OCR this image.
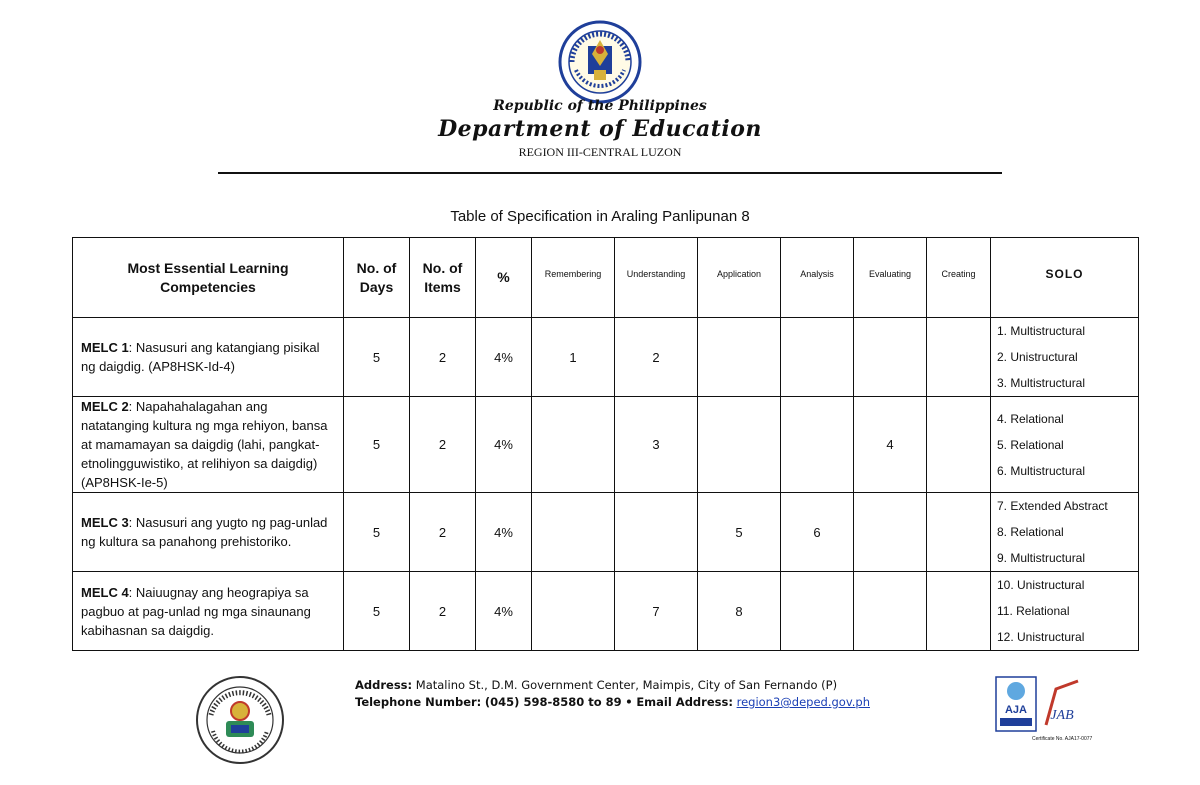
Republic of the Philippines
Department of Education
REGION III-CENTRAL LUZON
Table of Specification in Araling Panlipunan 8
Most Essential Learning Competencies	No. of Days	No. of Items	%	Remembering	Understanding	Application	Analysis	Evaluating	Creating	SOLO
MELC 1: Nasusuri ang katangiang pisikal ng daigdig. (AP8HSK-Id-4)	5	2	4%	1	2					1. Multistructural
2. Unistructural
3. Multistructural

MELC 2: Napahahalagahan ang natatanging kultura ng mga rehiyon, bansa at mamamayan sa daigdig (lahi, pangkat- etnolingguwistiko, at relihiyon sa daigdig) (AP8HSK-Ie-5)	5	2	4%		3			4		4. Relational
5. Relational
6. Multistructural

MELC 3: Nasusuri ang yugto ng pag-unlad ng kultura sa panahong prehistoriko.	5	2	4%			5	6			7. Extended Abstract
8. Relational
9. Multistructural

MELC 4: Naiuugnay ang heograpiya sa pagbuo at pag-unlad ng mga sinaunang kabihasnan sa daigdig.	5	2	4%		7	8				10. Unistructural
11. Relational
12. Unistructural
Address: Matalino St., D.M. Government Center, Maimpis, City of San Fernando (P)
Telephone Number: (045) 598-8580 to 89 • Email Address: region3@deped.gov.ph
AJA JAB
Certificate No. AJA17-0077
